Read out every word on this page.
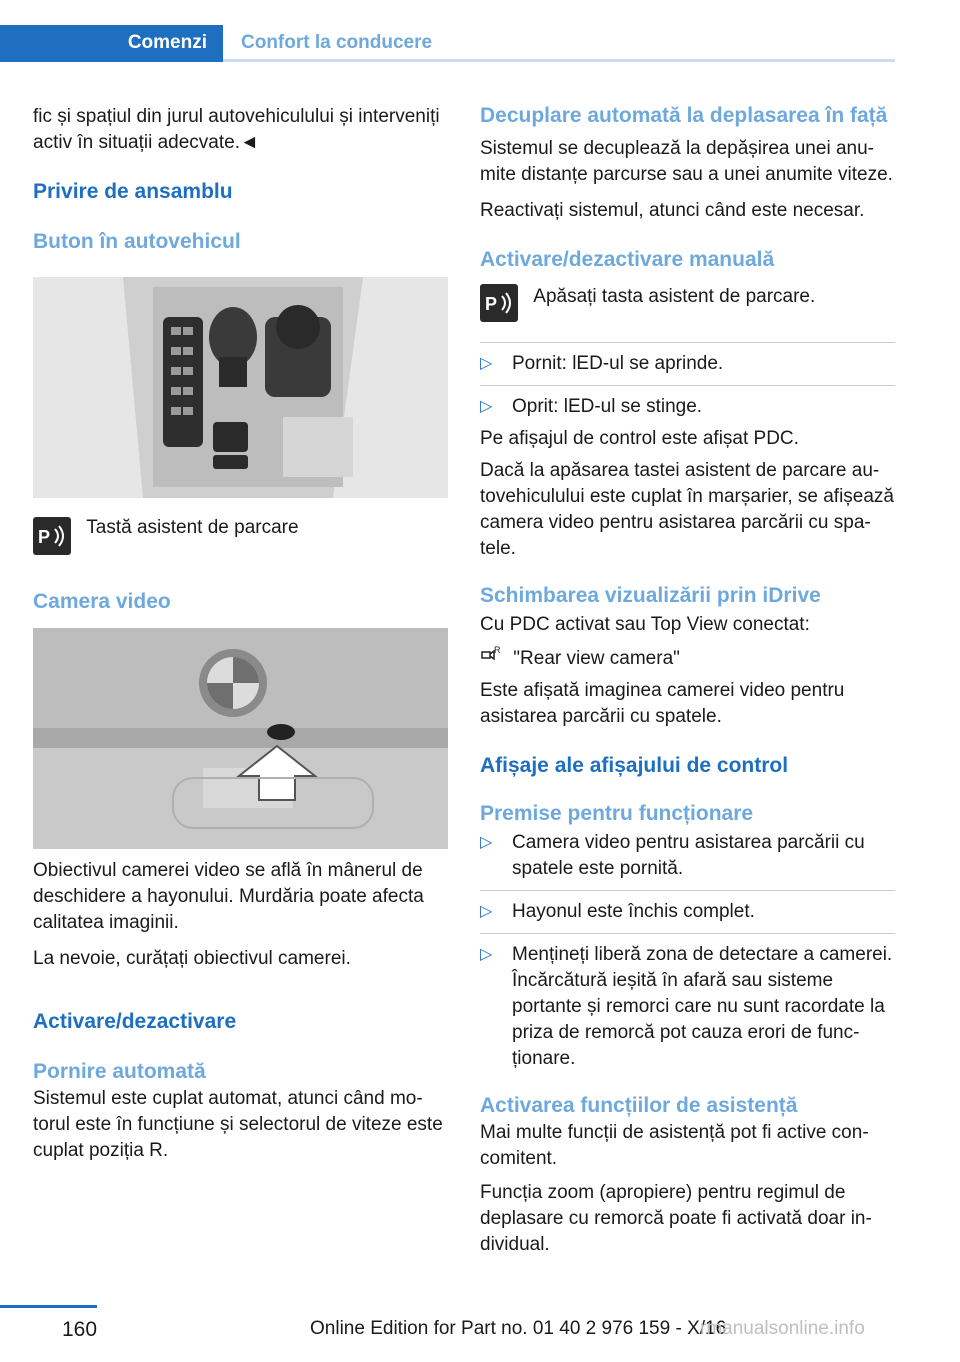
Comenzi Confort la conducere

fic și spațiul din jurul autovehiculului și interveniți activ în situații adecvate.◄

Privire de ansamblu

Buton în autovehicul

P Tastă asistent de parcare

Camera video

Obiectivul camerei video se află în mânerul de deschidere a hayonului. Murdăria poate afecta calitatea imaginii.

La nevoie, curățați obiectivul camerei.

Activare/dezactivare

Pornire automată

Sistemul este cuplat automat, atunci când motorul este în funcțiune și selectorul de viteze este cuplat poziția R.

Decuplare automată la deplasarea în față

Sistemul se decuplează la depășirea unei anumite distanțe parcurse sau a unei anumite viteze.

Reactivați sistemul, atunci când este necesar.

Activare/dezactivare manuală

P Apăsați tasta asistent de parcare.
▷ Pornit: lED-ul se aprinde.
▷ Oprit: lED-ul se stinge.

Pe afișajul de control este afișat PDC.

Dacă la apăsarea tastei asistent de parcare autovehiculului este cuplat în marșarier, se afișează camera video pentru asistarea parcării cu spatele.

Schimbarea vizualizării prin iDrive

Cu PDC activat sau Top View conectat:

R "Rear view camera"

Este afișată imaginea camerei video pentru asistarea parcării cu spatele.

Afișaje ale afișajului de control

Premise pentru funcționare

▷ Camera video pentru asistarea parcării cu spatele este pornită.
▷ Hayonul este închis complet.
▷ Mențineți liberă zona de detectare a camerei. Încărcătură ieșită în afară sau sisteme portante și remorci care nu sunt racordate la priza de remorcă pot cauza erori de funcționare.

Activarea funcțiilor de asistență

Mai multe funcții de asistență pot fi active concomitent.

Funcția zoom (apropiere) pentru regimul de deplasare cu remorcă poate fi activată doar individual.

160	Online Edition for Part no. 01 40 2 976 159 - X/16
rmanualsonline.info
